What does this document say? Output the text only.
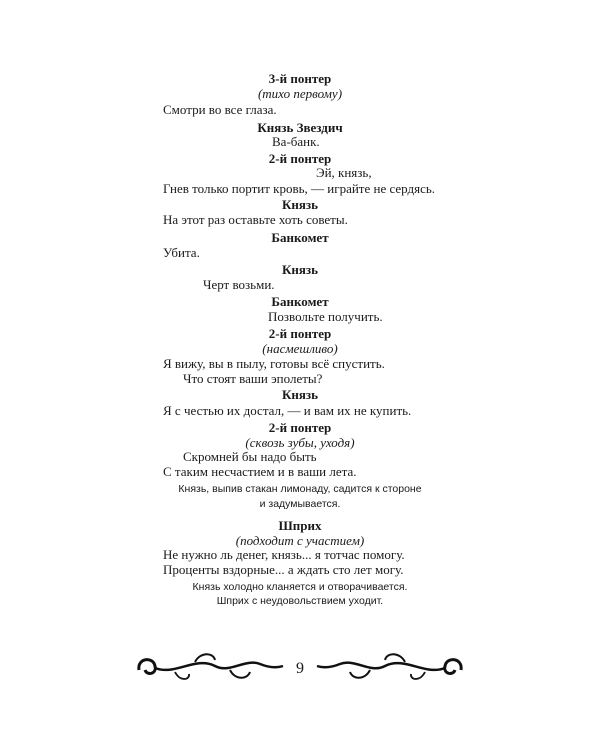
3-й понтер
(тихо первому)
Смотри во все глаза.
Князь Звездич
Ва-банк.
2-й понтер
Эй, князь,
Гнев только портит кровь, — играйте не сердясь.
Князь
На этот раз оставьте хоть советы.
Банкомет
Убита.
Князь
Черт возьми.
Банкомет
Позвольте получить.
2-й понтер
(насмешливо)
Я вижу, вы в пылу, готовы всё спустить.
Что стоят ваши эполеты?
Князь
Я с честью их достал, — и вам их не купить.
2-й понтер
(сквозь зубы, уходя)
Скромней бы надо быть
С таким несчастием и в ваши лета.
Князь, выпив стакан лимонаду, садится к стороне
и задумывается.
Шприх
(подходит с участием)
Не нужно ль денег, князь... я тотчас помогу.
Проценты вздорные... а ждать сто лет могу.
Князь холодно кланяется и отворачивается.
Шприх с неудовольствием уходит.
9
